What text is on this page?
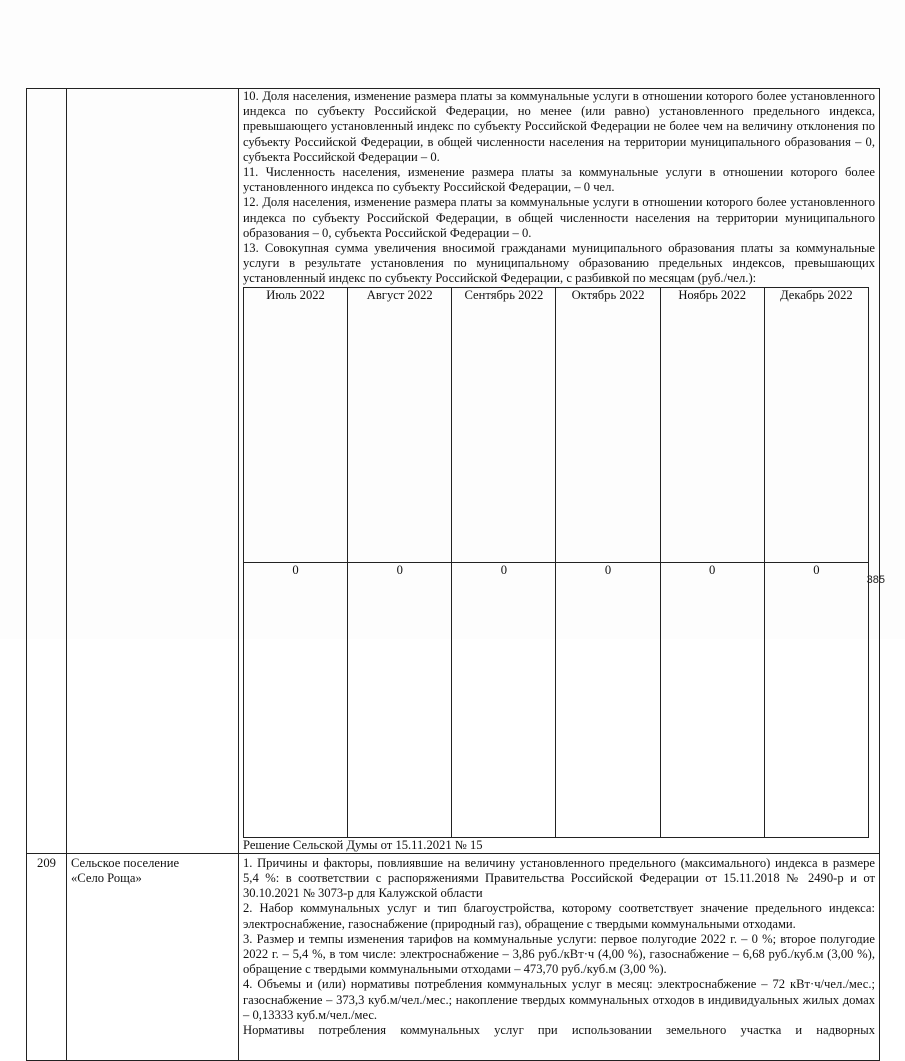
10. Доля населения, изменение размера платы за коммунальные услуги в отношении которого более установленного индекса по субъекту Российской Федерации, но менее (или равно) установленного предельного индекса, превышающего установленный индекс по субъекту Российской Федерации не более чем на величину отклонения по субъекту Российской Федерации, в общей численности населения на территории муниципального образования – 0, субъекта Российской Федерации – 0.

11. Численность населения, изменение размера платы за коммунальные услуги в отношении которого более установленного индекса по субъекту Российской Федерации, – 0 чел.

12. Доля населения, изменение размера платы за коммунальные услуги в отношении которого более установленного индекса по субъекту Российской Федерации, в общей численности населения на территории муниципального образования – 0, субъекта Российской Федерации – 0.

13. Совокупная сумма увеличения вносимой гражданами муниципального образования платы за коммунальные услуги в результате установления по муниципальному образованию предельных индексов, превышающих установленный индекс по субъекту Российской Федерации, с разбивкой по месяцам (руб./чел.):

Июль 2022	Август 2022	Сентябрь 2022	Октябрь 2022	Ноябрь 2022	Декабрь 2022
0	0	0	0	0	0

Решение Сельской Думы от 15.11.2021 № 15

209	Сельское поселение
«Село Роща»

1. Причины и факторы, повлиявшие на величину установленного предельного (максимального) индекса в размере 5,4 %: в соответствии с распоряжениями Правительства Российской Федерации от 15.11.2018 № 2490-р и от 30.10.2021 № 3073-р для Калужской области

2. Набор коммунальных услуг и тип благоустройства, которому соответствует значение предельного индекса: электроснабжение, газоснабжение (природный газ), обращение с твердыми коммунальными отходами.

3. Размер и темпы изменения тарифов на коммунальные услуги: первое полугодие 2022 г. – 0 %; второе полугодие 2022 г. – 5,4 %, в том числе: электроснабжение – 3,86 руб./кВт·ч (4,00 %), газоснабжение – 6,68 руб./куб.м (3,00 %), обращение с твердыми коммунальными отходами – 473,70 руб./куб.м (3,00 %).

4. Объемы и (или) нормативы потребления коммунальных услуг в месяц: электроснабжение – 72 кВт·ч/чел./мес.; газоснабжение – 373,3 куб.м/чел./мес.; накопление твердых коммунальных отходов в индивидуальных жилых домах – 0,13333 куб.м/чел./мес.

Нормативы потребления коммунальных услуг при использовании земельного участка и надворных

385
